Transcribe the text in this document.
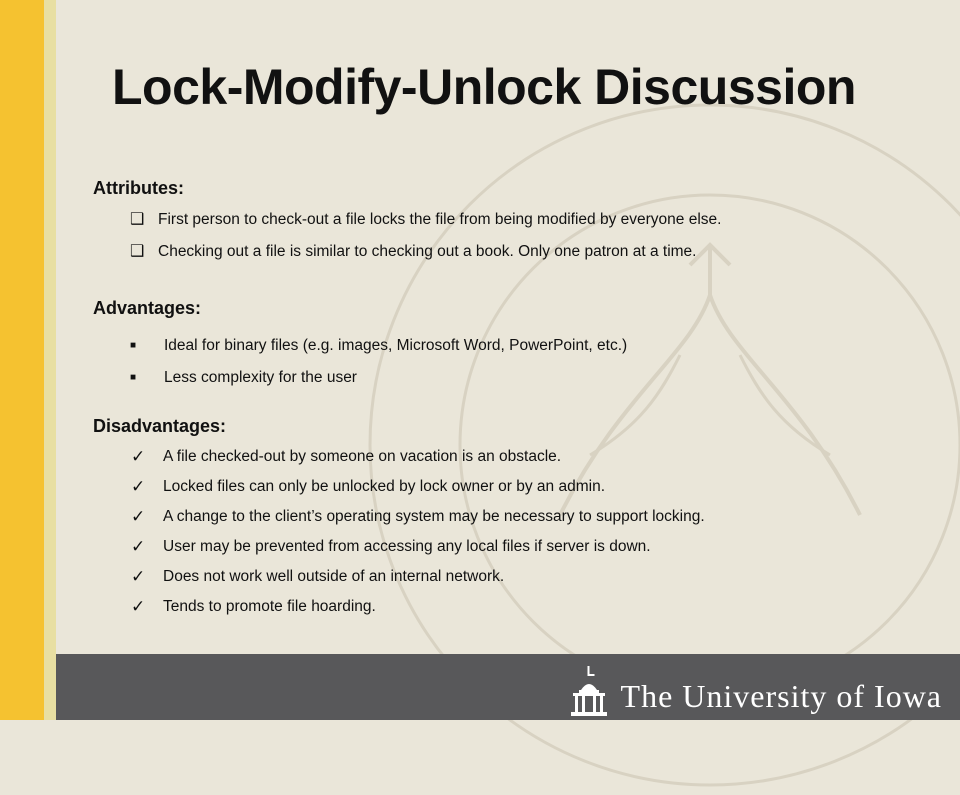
Lock-Modify-Unlock Discussion
Attributes:
❑ First person to check-out a file locks the file from being modified by everyone else.
❑ Checking out a file is similar to checking out a book. Only one patron at a time.
Advantages:
■ Ideal for binary files (e.g. images, Microsoft Word, PowerPoint, etc.)
■ Less complexity for the user
Disadvantages:
✓ A file checked-out by someone on vacation is an obstacle.
✓ Locked files can only be unlocked by lock owner or by an admin.
✓ A change to the client’s operating system may be necessary to support locking.
✓ User may be prevented from accessing any local files if server is down.
✓ Does not work well outside of an internal network.
✓ Tends to promote file hoarding.
The University of Iowa
